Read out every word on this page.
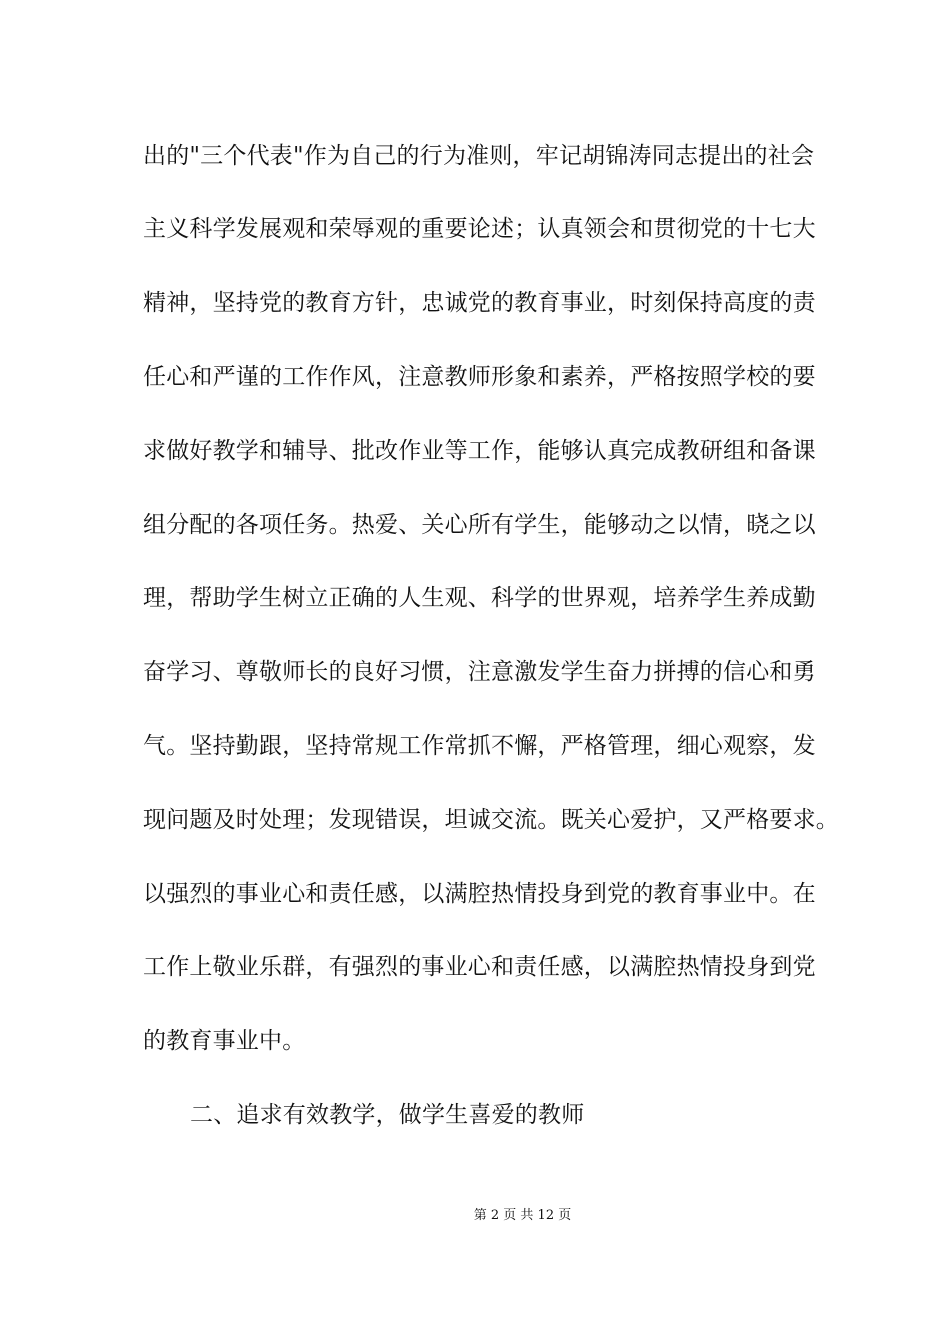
出的"三个代表"作为自己的行为准则，牢记胡锦涛同志提出的社会
主义科学发展观和荣辱观的重要论述；认真领会和贯彻党的十七大
精神，坚持党的教育方针，忠诚党的教育事业，时刻保持高度的责
任心和严谨的工作作风，注意教师形象和素养，严格按照学校的要
求做好教学和辅导、批改作业等工作，能够认真完成教研组和备课
组分配的各项任务。热爱、关心所有学生，能够动之以情，晓之以
理，帮助学生树立正确的人生观、科学的世界观，培养学生养成勤
奋学习、尊敬师长的良好习惯，注意激发学生奋力拼搏的信心和勇
气。坚持勤跟，坚持常规工作常抓不懈，严格管理，细心观察，发
现问题及时处理；发现错误，坦诚交流。既关心爱护，又严格要求。
以强烈的事业心和责任感，以满腔热情投身到党的教育事业中。在
工作上敬业乐群，有强烈的事业心和责任感，以满腔热情投身到党
的教育事业中。
二、追求有效教学，做学生喜爱的教师
第 2 页 共 12 页
